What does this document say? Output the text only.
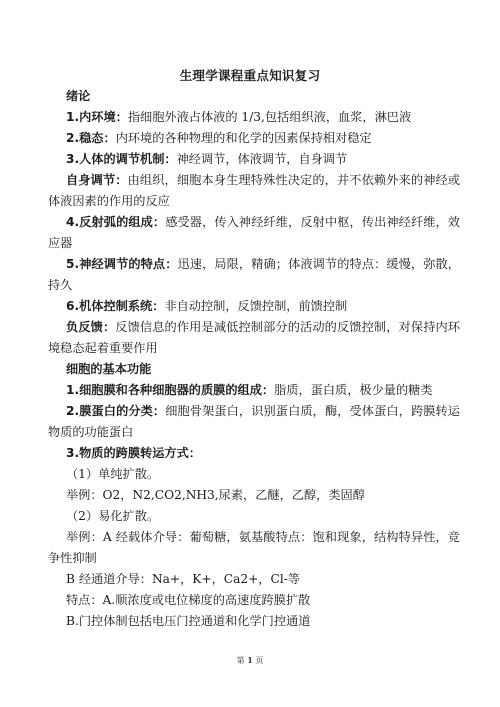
生理学课程重点知识复习
绪论
1.内环境：指细胞外液占体液的 1/3,包括组织液，血浆，淋巴液
2.稳态：内环境的各种物理的和化学的因素保持相对稳定
3.人体的调节机制：神经调节，体液调节，自身调节
自身调节：由组织，细胞本身生理特殊性决定的，并不依赖外来的神经或体液因素的作用的反应
4.反射弧的组成：感受器，传入神经纤维，反射中枢，传出神经纤维，效应器
5.神经调节的特点：迅速，局限，精确；体液调节的特点：缓慢，弥散，持久
6.机体控制系统：非自动控制，反馈控制，前馈控制
负反馈：反馈信息的作用是减低控制部分的活动的反馈控制，对保持内环境稳态起着重要作用
细胞的基本功能
1.细胞膜和各种细胞器的质膜的组成：脂质，蛋白质，极少量的糖类
2.膜蛋白的分类：细胞骨架蛋白，识别蛋白质，酶，受体蛋白，跨膜转运物质的功能蛋白
3.物质的跨膜转运方式：
（1）单纯扩散。
举例：O2，N2,CO2,NH3,尿素，乙醚，乙醇，类固醇
（2）易化扩散。
举例：A 经载体介导：葡萄糖，氨基酸特点：饱和现象，结构特异性，竞争性抑制
B 经通道介导：Na+，K+，Ca2+，Cl-等
特点：A.顺浓度或电位梯度的高速度跨膜扩散
B.门控体制包括电压门控通道和化学门控通道
第 1 页
